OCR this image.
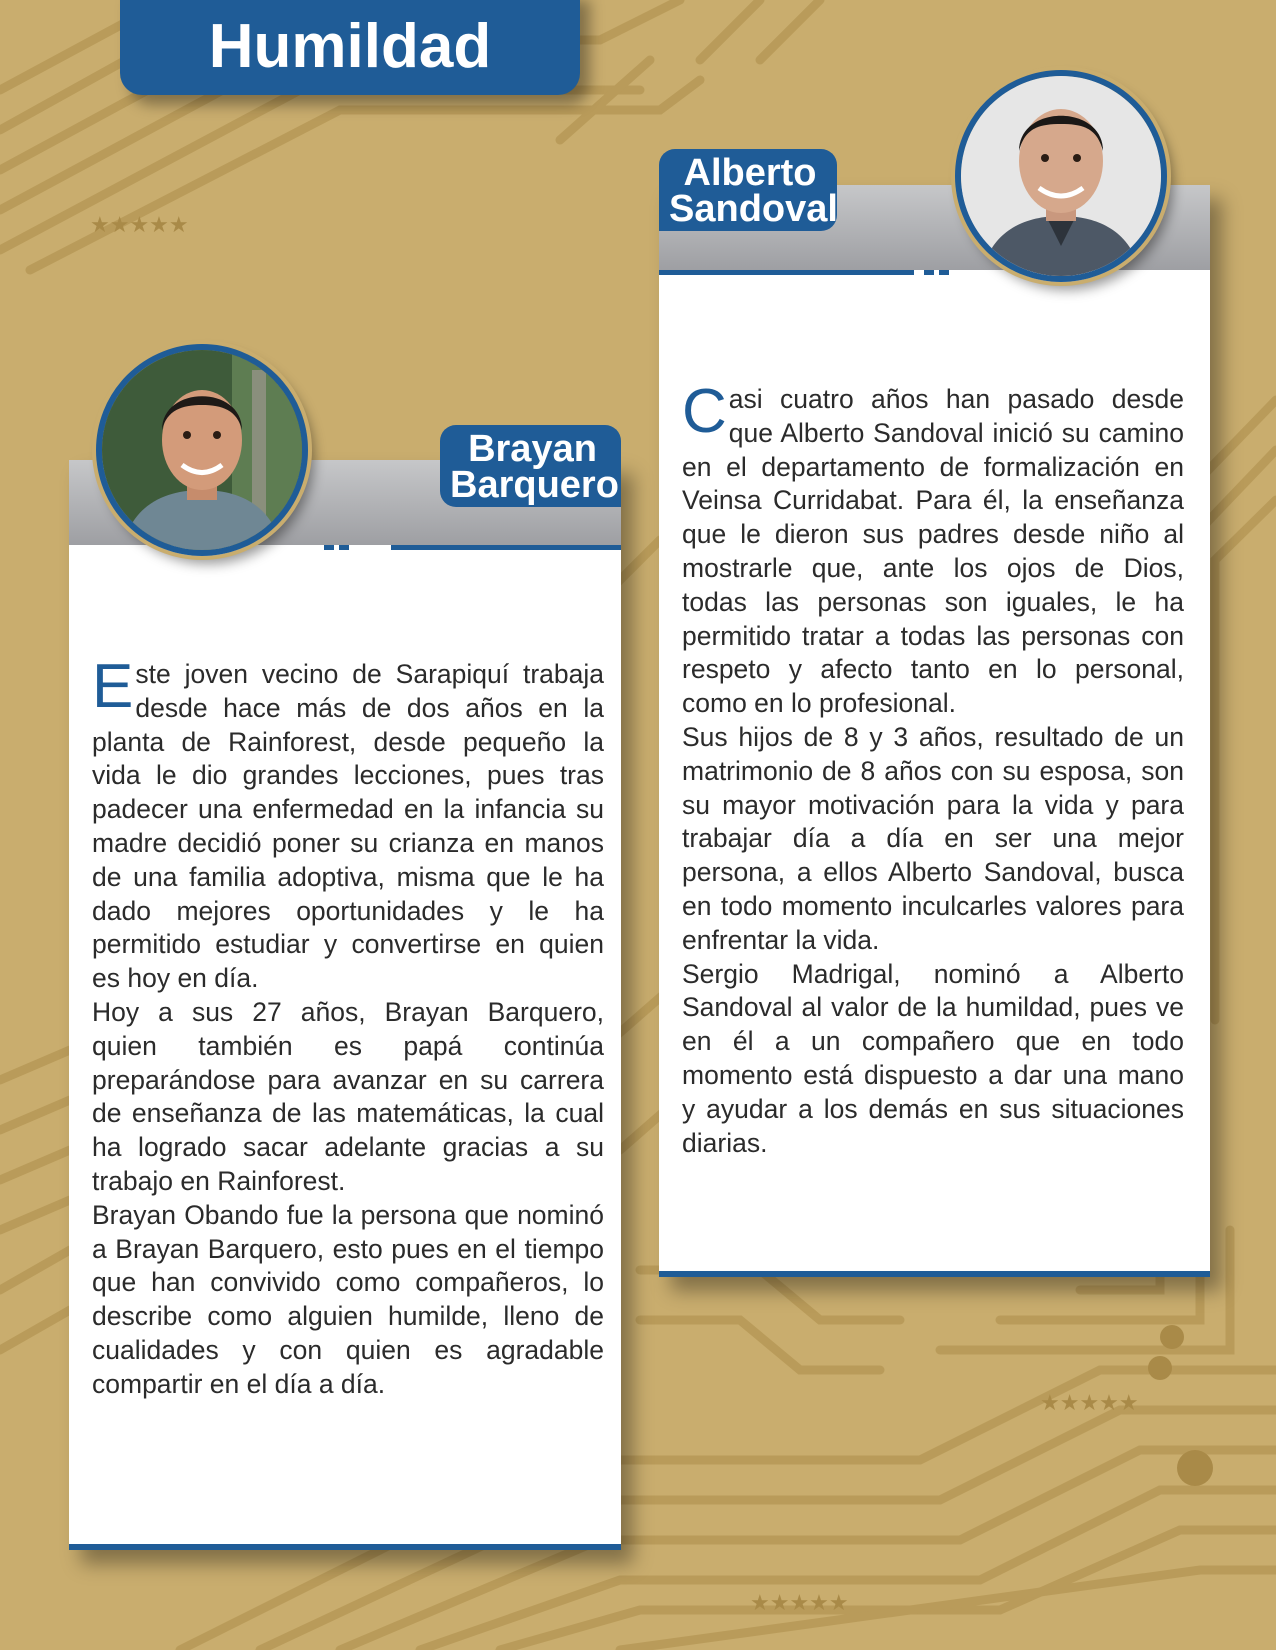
★★★★★
★★★★★
★★★★★
Humildad
Brayan
Barquero

Este joven vecino de Sarapiquí trabaja desde hace más de dos años en la planta de Rainforest, desde pequeño la vida le dio grandes lecciones, pues tras padecer una enfermedad en la infancia su madre decidió poner su crianza en manos de una familia adoptiva, misma que le ha dado mejores oportunidades y le ha permitido estudiar y convertirse en quien es hoy en día.

Hoy a sus 27 años, Brayan Barquero, quien también es papá continúa preparándose para avanzar en su carrera de enseñanza de las matemáticas, la cual ha logrado sacar adelante gracias a su trabajo en Rainforest.

Brayan Obando fue la persona que nominó a Brayan Barquero, esto pues en el tiempo que han convivido como compañeros, lo describe como alguien humilde, lleno de cualidades y con quien es agradable compartir en el día a día.

Alberto
Sandoval

Casi cuatro años han pasado desde que Alberto Sandoval inició su camino en el departamento de formalización en Veinsa Curridabat. Para él, la enseñanza que le dieron sus padres desde niño al mostrarle que, ante los ojos de Dios, todas las personas son iguales, le ha permitido tratar a todas las personas con respeto y afecto tanto en lo personal, como en lo profesional.

Sus hijos de 8 y 3 años, resultado de un matrimonio de 8 años con su esposa, son su mayor motivación para la vida y para trabajar día a día en ser una mejor persona, a ellos Alberto Sandoval, busca en todo momento inculcarles valores para enfrentar la vida.

Sergio Madrigal, nominó a Alberto Sandoval al valor de la humildad, pues ve en él a un compañero que en todo momento está dispuesto a dar una mano y ayudar a los demás en sus situaciones diarias.
